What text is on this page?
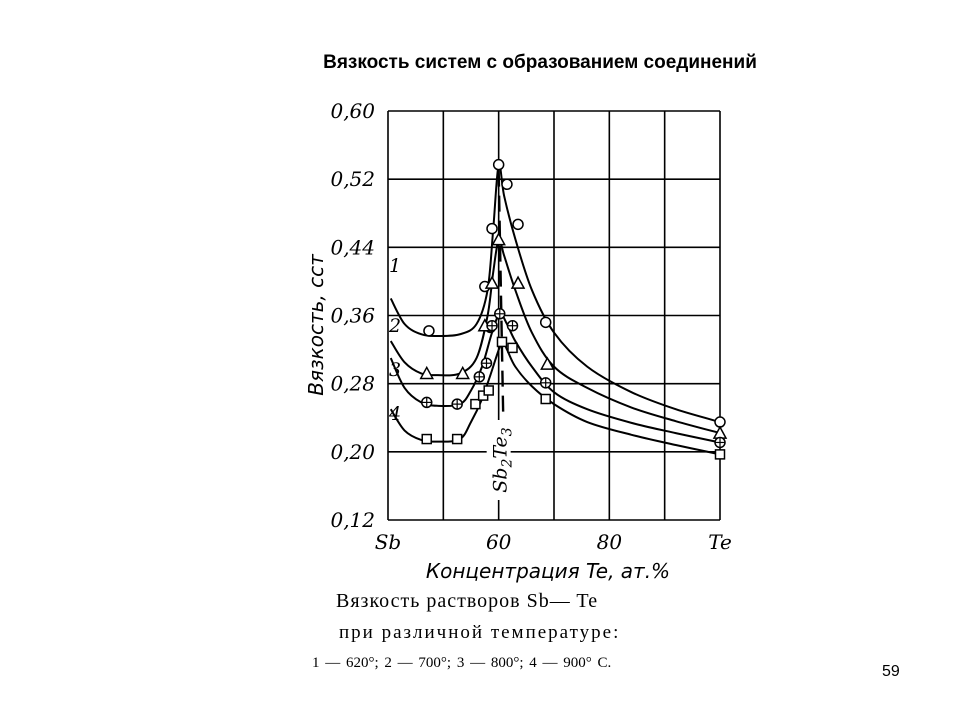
Вязкость систем с образованием соединений
0,12
0,20
0,28
0,36
0,44
0,52
0,60
Sb	60	80	Te
$Sb_2Te_3$
1
2
3
4
Вязкость, сст
Концентрация Te, ат.%
Вязкость растворов Sb— Te
при различной температуре:
1 — 620°; 2 — 700°; 3 — 800°; 4 — 900° С.	59
